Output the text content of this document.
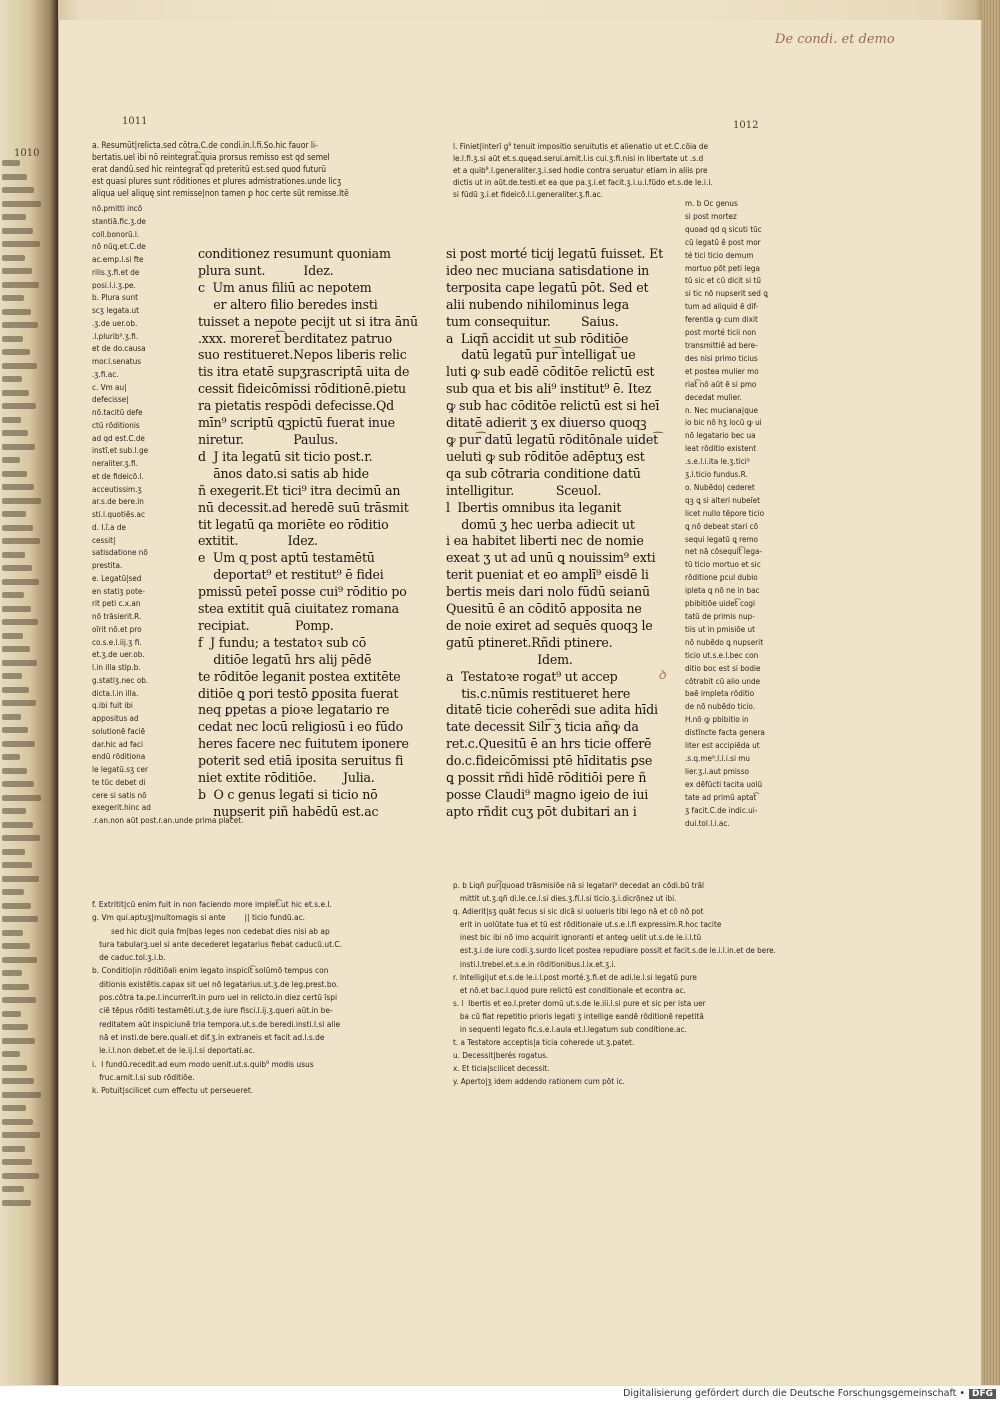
1010
De condi. et demo
1011	1012
a. Resumūt|relicta.sed cōtra.C.de condi.in.l.fi.So.hic fauor li-
bertatis.uel ibi nō reintegrat͡.quia prorsus remisso est qd semel
erat dandū.sed hic reintegrat͡ qd preteritū est.sed quod futurū
est quasi plures sunt rōditiones et plures admistrationes.unde licʒ
aliqua uel aliquę sint remisse|non tamen ꝑ hoc certe sūt remisse.Itē
nō.pmitti incō
stantiā.fic.ʒ.de
coll.bonorū.l.
nō nūꝗ.et.C.de
ac.emp.l.si fte
rilis.ʒ.fi.et de
posi.l.i.ʒ.pe.
b. Plura sunt
scʒ legata.ut
.ʒ.de uer.ob.
.l.plurib⁹.ʒ.fi.
et de do.causa
mor.l.senatus
.ʒ.fi.ac.
c. Vm au|
defecisse|
nō.tacitū defe
ctū rōditionis
ad qd est.C.de
instī.et sub.l.ge
neraliter.ʒ.fi.
et de fideicō.l.
acceutissim.ʒ
ar.s.de bere.in
sti.l.quotiēs.ac
d. I.ī.a de
cessit|
satisdatione nō
prestita.
e. Legatū|sed
en statiʒ pote-
rit peti c.x.an
nō trāsierit.R.
oīrit nō.et pro
co.s.e.l.iij.ʒ fi.
et.ʒ.de uer.ob.
l.in illa stip.b.
g.statiʒ.nec ob.
dicta.l.in illa.
q.ibi fuit ibi
appositus ad
solutionē faciē
dar.hic ad faci
endū rōditiona
le legatū.sʒ cer
te tūc debet di
cere si satis nō
exegerit.hinc ad
.r.an.non aūt post.r.an.unde prima placet.
conditionez resumunt quoniam
plura sunt.          Idez.
c  Um anus filiū ac nepotem
er altero filio beredes insti
tuisset a nepote pecijt ut si itra ānū
.xxx. moreret͡ beɾditatez patruo
suo restitueret.Nepos liberis relic
tis itra etatē supʒrascriptā uita de
cessit fideicōmissi rōditionē.pietu
ra pietatis respōdi defecisse.Qd
mīn⁹ scriptū ɋꝫpictū fuerat inue
niretur.             Paulus.
d  J ita legatū sit ticio post.r.
ānos dato.si satis ab hide
ñ exegerit.Et tici⁹ itra decimū an
nū decessit.ad heredē suū trāsmit
tit legatū qa moriēte eo rōditio
extitit.             Idez.
e  Um ɋ post aptū testamētū
deportat⁹ et restitut⁹ ē fidei
pmissū peteī posse cui⁹ rōditio po
stea extitit quā ciuitatez romana
recipiat.            Pomp.
f  J fundu; a testatoꝛ sub cō
ditiōe legatū hrs alij pēdē
te rōditōe leganit postea extitēte
ditiōe ꝗ pori testō ꝑposita fuerat
neq ꝑpetas a pioꝛe legatario re
cedat nec locū religiosū i eo fūdo
heres facere nec fuitutem iponere
poterit sed etiā iposita seruitus fi
niet extite rōditiōe.       Julia.
b  O c genus legati si ticio nō
nupserit piñ habēdū est.ac
l. Finiet|interī g⁹ tenuit impositio seruitutis et alienatio ut et.C.cōia de
le.l.fi.ʒ.si aūt et.s.quęad.serui.amit.l.is cui.ʒ.fi.nisi in libertate ut .s.d
et a quib⁹.l.generaliter.ʒ.i.sed hodie contra seruatur etiam in aliis pre
dictis ut in aūt.de.testi.et ea que pa.ʒ.i.et facit.ʒ.i.u.l.fūdo et.s.de le.i.l.
si fūdū ʒ.i.et fideicō.l.i.generaliter.ʒ.fi.ac.
si post morté ticij legatū fuisset. Et
ideo nec muciana satisdatione in
terposita cape legatū pōt. Sed et
alii nubendo nihilominus lega
tum consequitur.        Saius.
a  Liqñ accidit ut sub rōditiōe
datū legatū pur͡ intelligat͡ ue
luti ꝙ sub eadē cōditōe relictū est
sub qua et bis ali⁹ institut⁹ ē. Itez
ꝙ sub hac cōditōe relictū est si heī
ditatē adierit ʒ ex diuerso quoqꝫ
ꝙ pur͡ datū legatū rōditōnale uidet͡
ueluti ꝙ sub rōditōe adēptuʒ est
qa sub cōtraria conditione datū
intelligitur.           Sceuol.
l  Ibertis omnibus ita leganit
domū ʒ hec uerba adiecit ut
i ea habitet liberti nec de nomie
exeat ʒ ut ad unū ꝗ nouissim⁹ exti
terit pueniat et eo amplī⁹ eisdē li
bertis meis dari nolo fūdū seianū
Quesitū ē an cōditō apposita ne
de noie exiret ad sequēs quoqꝫ le
gatū ptineret.Rñdi ptinere.
Idem.
a  Testatoꝛe rogat⁹ ut accep
tis.c.nūmis restitueret here
ditatē ticie coherēdi sue adita hīdi
tate decessit Silr͡ ʒ ticia añꝙ da
ret.c.Quesitū ē an hrs ticie offerē
do.c.fideicōmissi ptē hīditatis ꝑse
ꝗ possit rñdi hīdē rōditiōi pere ñ
posse Claudi⁹ magno igeio de iui
apto rñdit cuʒ pōt dubitari an i
m. b Oc genus
si post mortez
quoad qd ɋ sicuti tūc
cū legatū ē post mor
té tici ticio demum
mortuo pōt peti lega
tū sic et cū dicit si tū
si tic nō nupserit sed ꝗ
tum ad aliquid ē dif-
ferentia ꝙ cum dixit
post morté ticii non
transmittiē ad bere-
des nisi primo ticius
et postea mulier mo
riat͡ nō aūt ē si pmo
decedat mulier.
n. Nec muciana|que
io bic nō hʒ locū ꝙ ui
nō legatario bec ua
leat rōditio existent
.s.e.l.i.ita le.ʒ.tici⁹
ʒ.l.ticio fundus.R.
o. Nubēdo| cederet
qꝫ ꝗ si alteri nubeīet
licet nullo tēpore ticio
ꝗ nō debeat stari cō
sequi legatū ꝗ remo
net nā cōsequit͡ lega-
tū ticio mortuo et sic
rōditione ꝑcul dubio
ipleta ꝗ nō ne in bac
pbibitiōe uidet͡ cogi
tatū de primis nup-
tiis ut in pmisiōe ut
nō nubēdo ꝗ nupserit
ticio ut.s.e.l.bec con
ditio boc est si bodie
cōtrabit cū alio unde
baē impleta rōditio
de nō nubēdo ticio.
H.nō ꝙ pbibitio in
distīncte facta genera
liter est accipiēda ut
.s.q.me⁹.l.l.i.si mu
lier.ʒ.i.aut pmisso
ex dēfūcti tacita uolū
tate ad primū aptat͡
ʒ facit.C.de indic.ui-
dui.tol.l.i.ac.
ꝺ
f. Extritit|cū enim fuit in non faciendo more implet͡.ut hic et.s.e.l.
g. Vm qui.aptuʒ|multomagis si ante        || ticio fundū.ac.
sed hic dicit quia fm|bas leges non cedebat dies nisi ab ap
tura tabularꝫ.uel si ante decederet legatarius fiebat caducū.ut.C.
de caduc.tol.ʒ.i.b.
b. Conditio|in rōditiōali enim legato inspicit͡ solūmō tempus con
ditionis existētis.capax sit uel nō legatarius.ut.ʒ.de leg.prest.bo.
pos.cōtra ta.pe.l.incurrerīt.in puro uel in relicto.in diez certū īspi
ciē tēpus rōditi testamēti.ut.ʒ.de iure fisci.l.ij.ʒ.queri aūt.in be-
reditatem aūt inspiciunē tria tempora.ut.s.de beredi.insti.l.si alie
nā et insti.de bere.quali.et dif.ʒ.in extraneis et facit ad.l.s.de
le.i.l.non debet.et de le.ij.l.si deportati.ac.
i.  I fundū.recedit.ad eum modo uenit.ut.s.quib⁹ modis usus
fruc.amit.l.si sub rōditiōe.
k. Potuit|scilicet cum effectu ut perseueret.
p. b Liqñ pur͡|quoad trāsmisiōe nā si legatari⁹ decedat an cōdi.bū trāl
mittit ut.ʒ.qñ di.le.ce.l.si dies.ʒ.fi.l.si ticio.ʒ.i.dicrōnez ut ibi.
q. Adierit|sʒ quāt fecus si sic dicā si uolueris tibi lego nā et cō nō pot
erit in uolūtate tua et tū est rōditionale ut.s.e.l.fi expressim.R.hoc tacite
inest bic ibi nō imo acquirit ignoranti et anteꝙ uelit ut.s.de le.i.l.tū
est.ʒ.i.de iure codi.ʒ.surdo licet postea repudiare possit et facit.s.de le.i.l.in.et de bere.
insti.l.trebel.et.s.e.in rōditionibus.l.ix.et.ʒ.i.
r. Intelligi|ut et.s.de le.i.l.post morté.ʒ.fi.et de adi.le.l.si legatū pure
et nō.et bac.l.quod pure relictū est conditionale et econtra ac.
s. l  Ibertis et eo.l.preter domū ut.s.de le.iii.l.si pure et sic per ista uer
ba cū fiat repetitio prioris legati ʒ intellige eandē rōditionē repetitā
in sequenti legato fic.s.e.l.aula et.l.legatum sub conditione.ac.
t. a Testatore acceptis|a ticia coherede ut.ʒ.patet.
u. Decessit|berés rogatus.
x. Et ticia|scilicet decessit.
y. Aperto|ʒ idem addendo rationem cum pōt ic.
Digitalisierung gefördert durch die Deutsche Forschungsgemeinschaft • DFG
